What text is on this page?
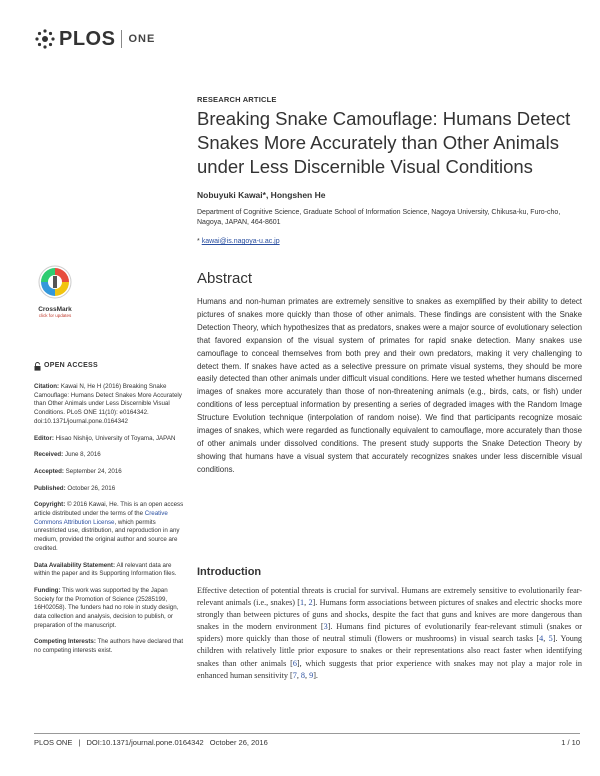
PLOS ONE
RESEARCH ARTICLE
Breaking Snake Camouflage: Humans Detect Snakes More Accurately than Other Animals under Less Discernible Visual Conditions
Nobuyuki Kawai*, Hongshen He
Department of Cognitive Science, Graduate School of Information Science, Nagoya University, Chikusa-ku, Furo-cho, Nagoya, JAPAN, 464-8601
* kawai@is.nagoya-u.ac.jp
CrossMark
click for updates
Abstract

Humans and non-human primates are extremely sensitive to snakes as exemplified by their ability to detect pictures of snakes more quickly than those of other animals. These findings are consistent with the Snake Detection Theory, which hypothesizes that as predators, snakes were a major source of evolutionary selection that favored expansion of the visual system of primates for rapid snake detection. Many snakes use camouflage to conceal themselves from both prey and their own predators, making it very challenging to detect them. If snakes have acted as a selective pressure on primate visual systems, they should be more easily detected than other animals under difficult visual conditions. Here we tested whether humans discerned images of snakes more accurately than those of non-threatening animals (e.g., birds, cats, or fish) under conditions of less perceptual information by presenting a series of degraded images with the Random Image Structure Evolution technique (interpolation of random noise). We find that participants recognize mosaic images of snakes, which were regarded as functionally equivalent to camouflage, more accurately than those of other animals under dissolved conditions. The present study supports the Snake Detection Theory by showing that humans have a visual system that accurately recognizes snakes under less discernible visual conditions.

OPEN ACCESS
Citation: Kawai N, He H (2016) Breaking Snake Camouflage: Humans Detect Snakes More Accurately than Other Animals under Less Discernible Visual Conditions. PLoS ONE 11(10): e0164342. doi:10.1371/journal.pone.0164342
Editor: Hisao Nishijo, University of Toyama, JAPAN
Received: June 8, 2016
Accepted: September 24, 2016
Published: October 26, 2016
Copyright: © 2016 Kawai, He. This is an open access article distributed under the terms of the Creative Commons Attribution License, which permits unrestricted use, distribution, and reproduction in any medium, provided the original author and source are credited.
Data Availability Statement: All relevant data are within the paper and its Supporting Information files.
Funding: This work was supported by the Japan Society for the Promotion of Science (25285199, 16H02058). The funders had no role in study design, data collection and analysis, decision to publish, or preparation of the manuscript.
Competing Interests: The authors have declared that no competing interests exist.
Introduction

Effective detection of potential threats is crucial for survival. Humans are extremely sensitive to evolutionarily fear-relevant animals (i.e., snakes) [1, 2]. Humans form associations between pictures of snakes and electric shocks more strongly than between pictures of guns and shocks, despite the fact that guns and knives are more dangerous than snakes in the modern environment [3]. Humans find pictures of evolutionarily fear-relevant stimuli (snakes or spiders) more quickly than those of neutral stimuli (flowers or mushrooms) in visual search tasks [4, 5]. Young children with relatively little prior exposure to snakes or their representations also react faster when identifying snakes than other animals [6], which suggests that prior experience with snakes may not play a major role in enhanced human sensitivity [7, 8, 9].

PLOS ONE | DOI:10.1371/journal.pone.0164342 October 26, 2016	1 / 10
